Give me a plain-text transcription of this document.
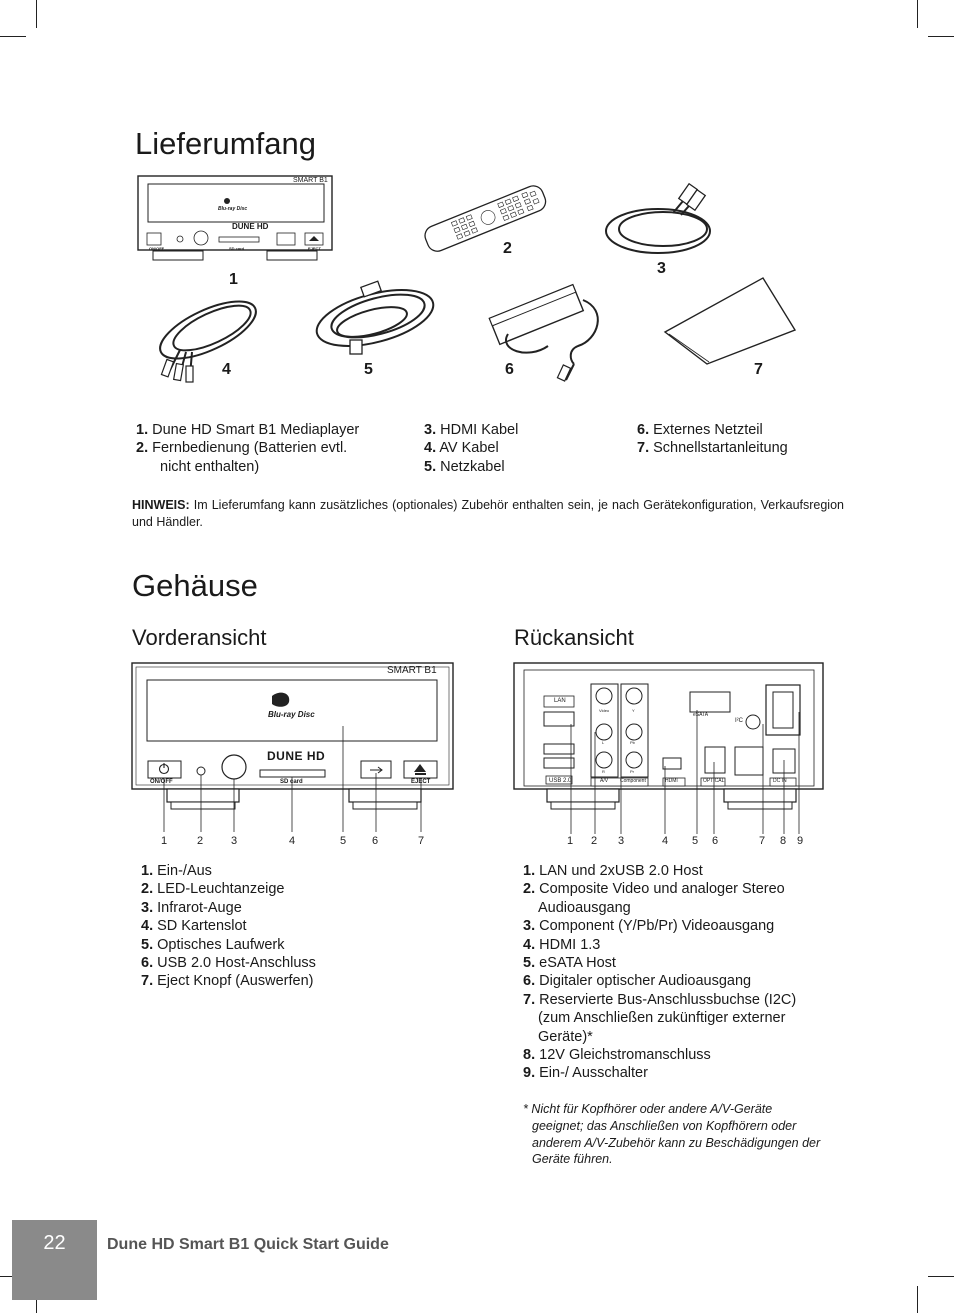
Lieferumfang
SMART B1
DUNE HD
Blu-ray Disc
ON/OFF	SD card	EJECT
1
2
3
4	5	6	7
1. Dune HD Smart B1 Mediaplayer
2. Fernbedienung (Batterien evtl.
nicht enthalten)
3. HDMI Kabel
4. AV Kabel
5. Netzkabel
6. Externes Netzteil
7. Schnellstartanleitung

HINWEIS: Im Lieferumfang kann zusätzliches (optionales) Zubehör enthalten sein, je nach Gerätekonfiguration, Verkaufsregion und Händler.

Gehäuse
Vorderansicht	Rückansicht
SMART B1
Blu-ray Disc
DUNE HD
ON/OFF	SD card	EJECT
1	2	3	4	5 6	7
LAN
USB 2.0	A/V Component
Video
L
R
Y
Pb
Pr
HDMI
eSATA
OPTICAL
I²C
DC IN
1 2 3	4 5 6	7 8 9
1. Ein-/Aus
2. LED-Leuchtanzeige
3. Infrarot-Auge
4. SD Kartenslot
5. Optisches Laufwerk
6. USB 2.0 Host-Anschluss
7. Eject Knopf (Auswerfen)
1. LAN und 2xUSB 2.0 Host
2. Composite Video und analoger Stereo
Audioausgang
3. Component (Y/Pb/Pr) Videoausgang
4. HDMI 1.3
5. eSATA Host
6. Digitaler optischer Audioausgang
7. Reservierte Bus-Anschlussbuchse (I2C)
(zum Anschließen zukünftiger externer
Geräte)*
8. 12V Gleichstromanschluss
9. Ein-/ Ausschalter

* Nicht für Kopfhörer oder andere A/V-Geräte geeignet; das Anschließen von Kopfhörern oder anderem A/V-Zubehör kann zu Beschädigungen der Geräte führen.

22	Dune HD Smart B1 Quick Start Guide
